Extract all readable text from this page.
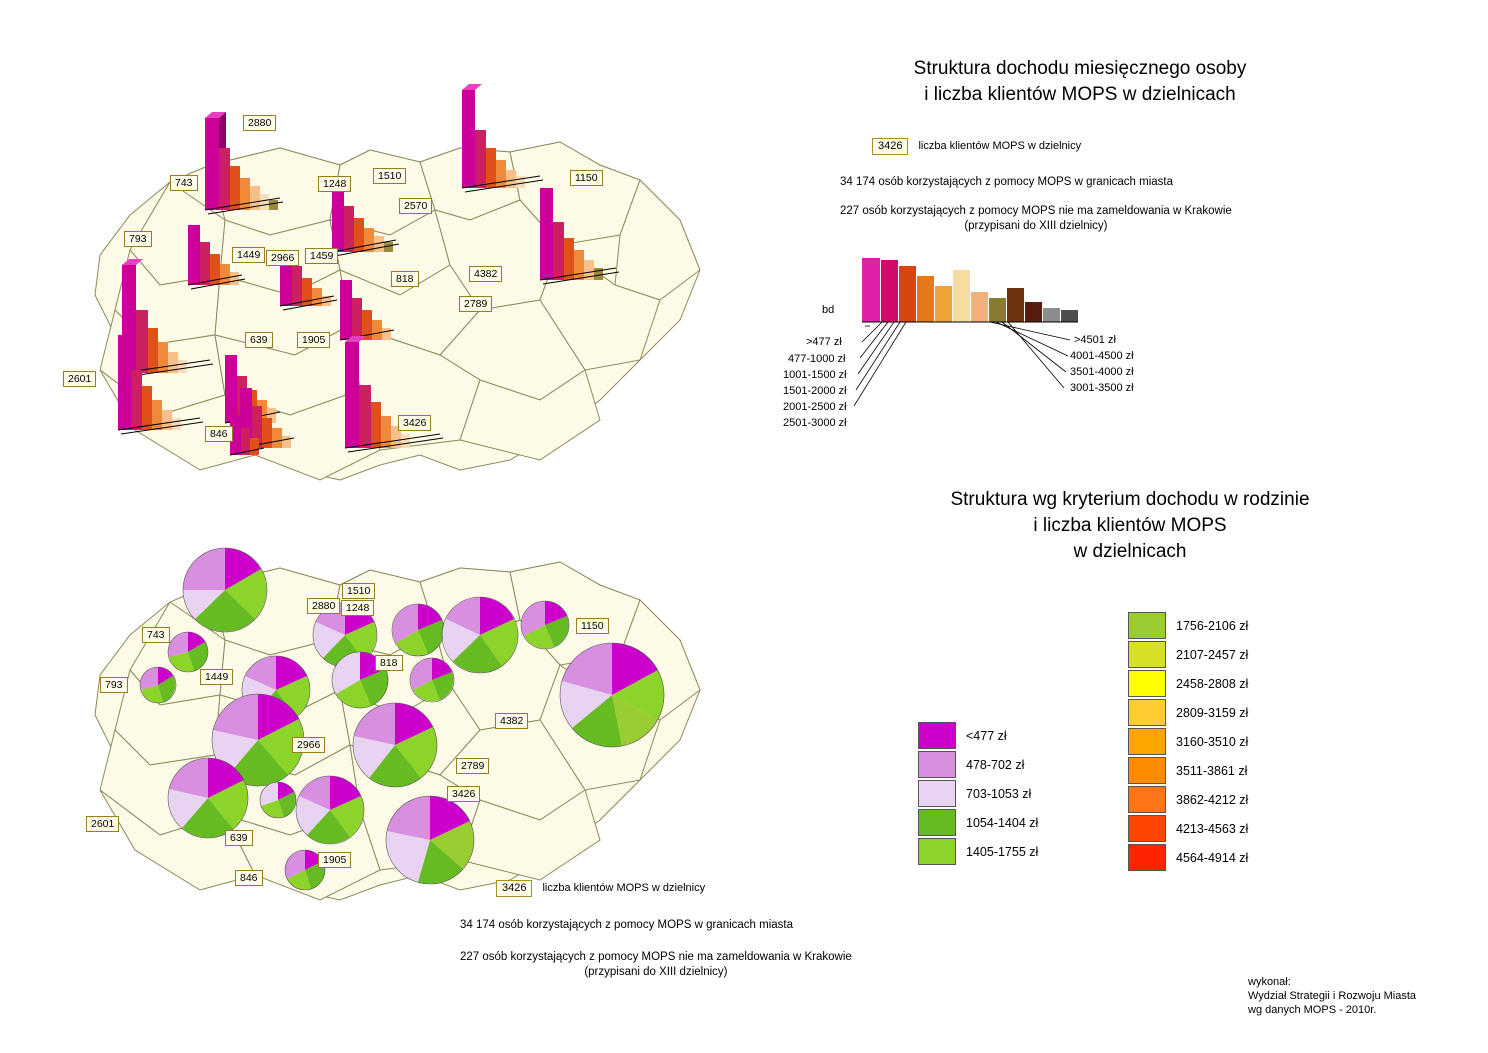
2880
743	1248
1510	1150
2570
793
1449	2966	1459
818	4382
2789
639	1905
2601
846
3426
Struktura dochodu miesięcznego osoby
i liczba klientów MOPS w dzielnicach
3426	liczba klientów MOPS w dzielnicy
34 174 osób korzystających z pomocy MOPS w granicach miasta
227 osób korzystających z pomocy MOPS nie ma zameldowania w Krakowie
(przypisani do XIII dzielnicy)
bd
>477 zł
477-1000 zł
1001-1500 zł
1501-2000 zł
2001-2500 zł
2501-3000 zł
>4501 zł
4001-4500 zł
3501-4000 zł
3001-3500 zł
Struktura wg kryterium dochodu w rodzinie
i liczba klientów MOPS
w dzielnicach
<477 zł
478-702 zł
703-1053 zł
1054-1404 zł
1405-1755 zł
1756-2106 zł
2107-2457 zł
2458-2808 zł
2809-3159 zł
3160-3510 zł
3511-3861 zł
3862-4212 zł
4213-4563 zł
4564-4914 zł
1510
2880	1248
743
1150
818
793
1449
4382
2966
2789
3426
2601
639
1905
846
3426	liczba klientów MOPS w dzielnicy
34 174 osób korzystających z pomocy MOPS w granicach miasta
227 osób korzystających z pomocy MOPS nie ma zameldowania w Krakowie
(przypisani do XIII dzielnicy)
wykonał:
Wydział Strategii i Rozwoju Miasta
wg danych MOPS - 2010r.
